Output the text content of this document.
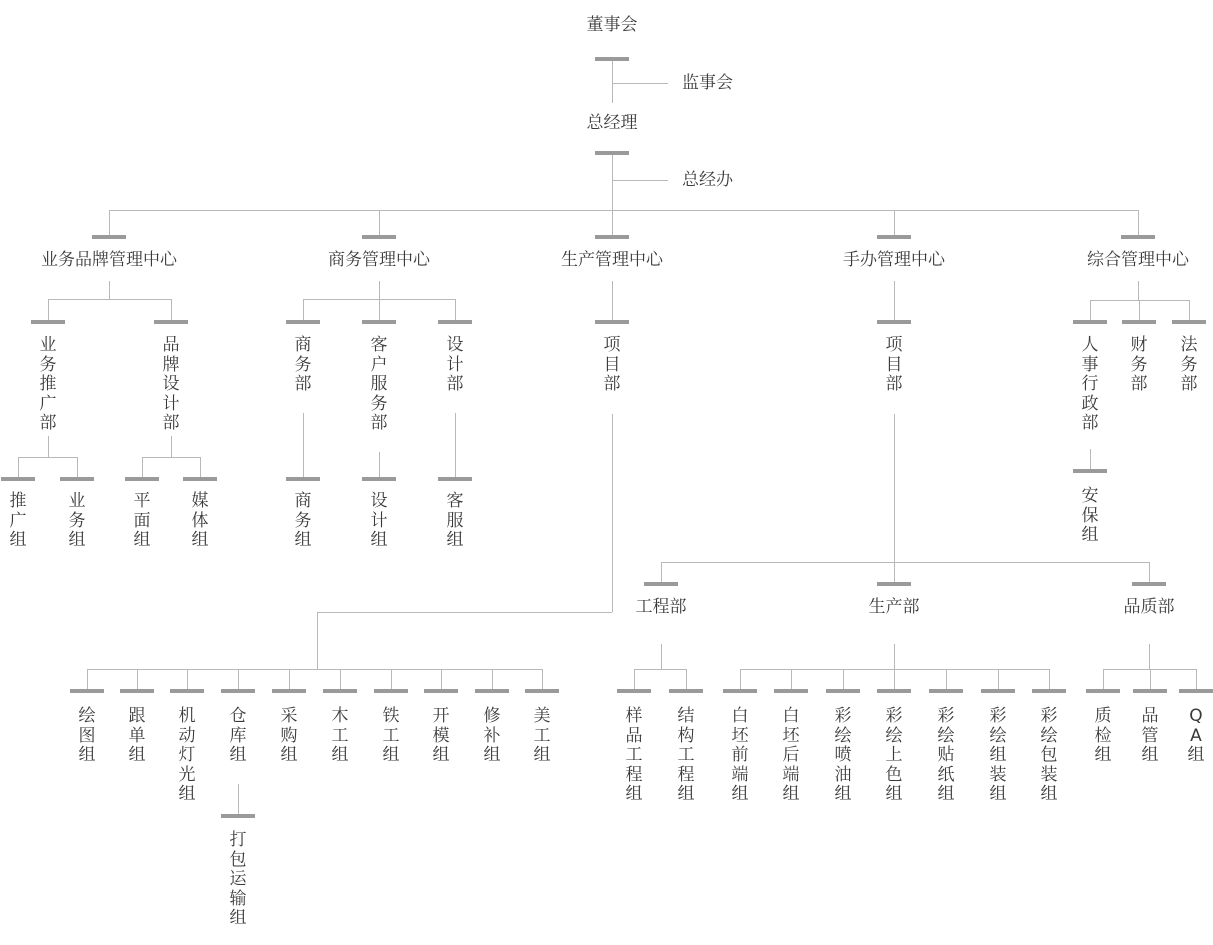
董事会
监事会
总经理
总经办
业务品牌管理中心	商务管理中心	生产管理中心	手办管理中心	综合管理中心
业务推广部
品牌设计部
推广组
业务组
平面组
媒体组
商务部
商务组
客户服务部
设计组
设计部
客服组
项目部
绘图组
跟单组
机动灯光组
仓库组
采购组
木工组
铁工组
开模组
修补组
美工组
打包运输组
项目部
工程部	生产部	品质部
样品工程组
结构工程组
白坯前端组
白坯后端组
彩绘喷油组
彩绘上色组
彩绘贴纸组
彩绘组装组
彩绘包装组
质检组
品管组
QA组
人事行政部
财务部
法务部
安保组
